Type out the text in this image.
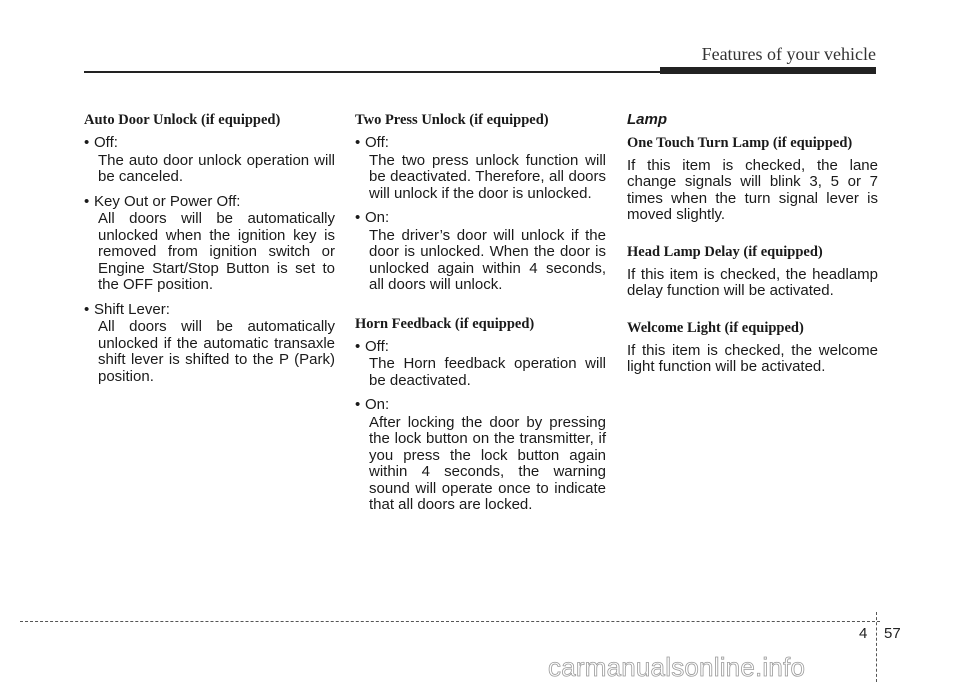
Features of your vehicle
Auto Door Unlock (if equipped)
• Off:
The auto door unlock operation will be canceled.
• Key Out or Power Off:
All doors will be automatically unlocked when the ignition key is removed from ignition switch or Engine Start/Stop Button is set to the OFF position.
• Shift Lever:
All doors will be automatically unlocked if the automatic transaxle shift lever is shifted to the P (Park) position.
Two Press Unlock (if equipped)
• Off:
The two press unlock function will be deactivated. Therefore, all doors will unlock if the door is unlocked.
• On:
The driver’s door will unlock if the door is unlocked. When the door is unlocked again within 4 seconds, all doors will unlock.
Horn Feedback (if equipped)
• Off:
The Horn feedback operation will be deactivated.
• On:
After locking the door by pressing the lock button on the transmitter, if you press the lock button again within 4 seconds, the warning sound will operate once to indicate that all doors are locked.
Lamp
One Touch Turn Lamp (if equipped)
If this item is checked, the lane change signals will blink 3, 5 or 7 times when the turn signal lever is moved slightly.
Head Lamp Delay (if equipped)
If this item is checked, the headlamp delay function will be activated.
Welcome Light (if equipped)
If this item is checked, the welcome light function will be activated.
4 57
carmanualsonline.info
